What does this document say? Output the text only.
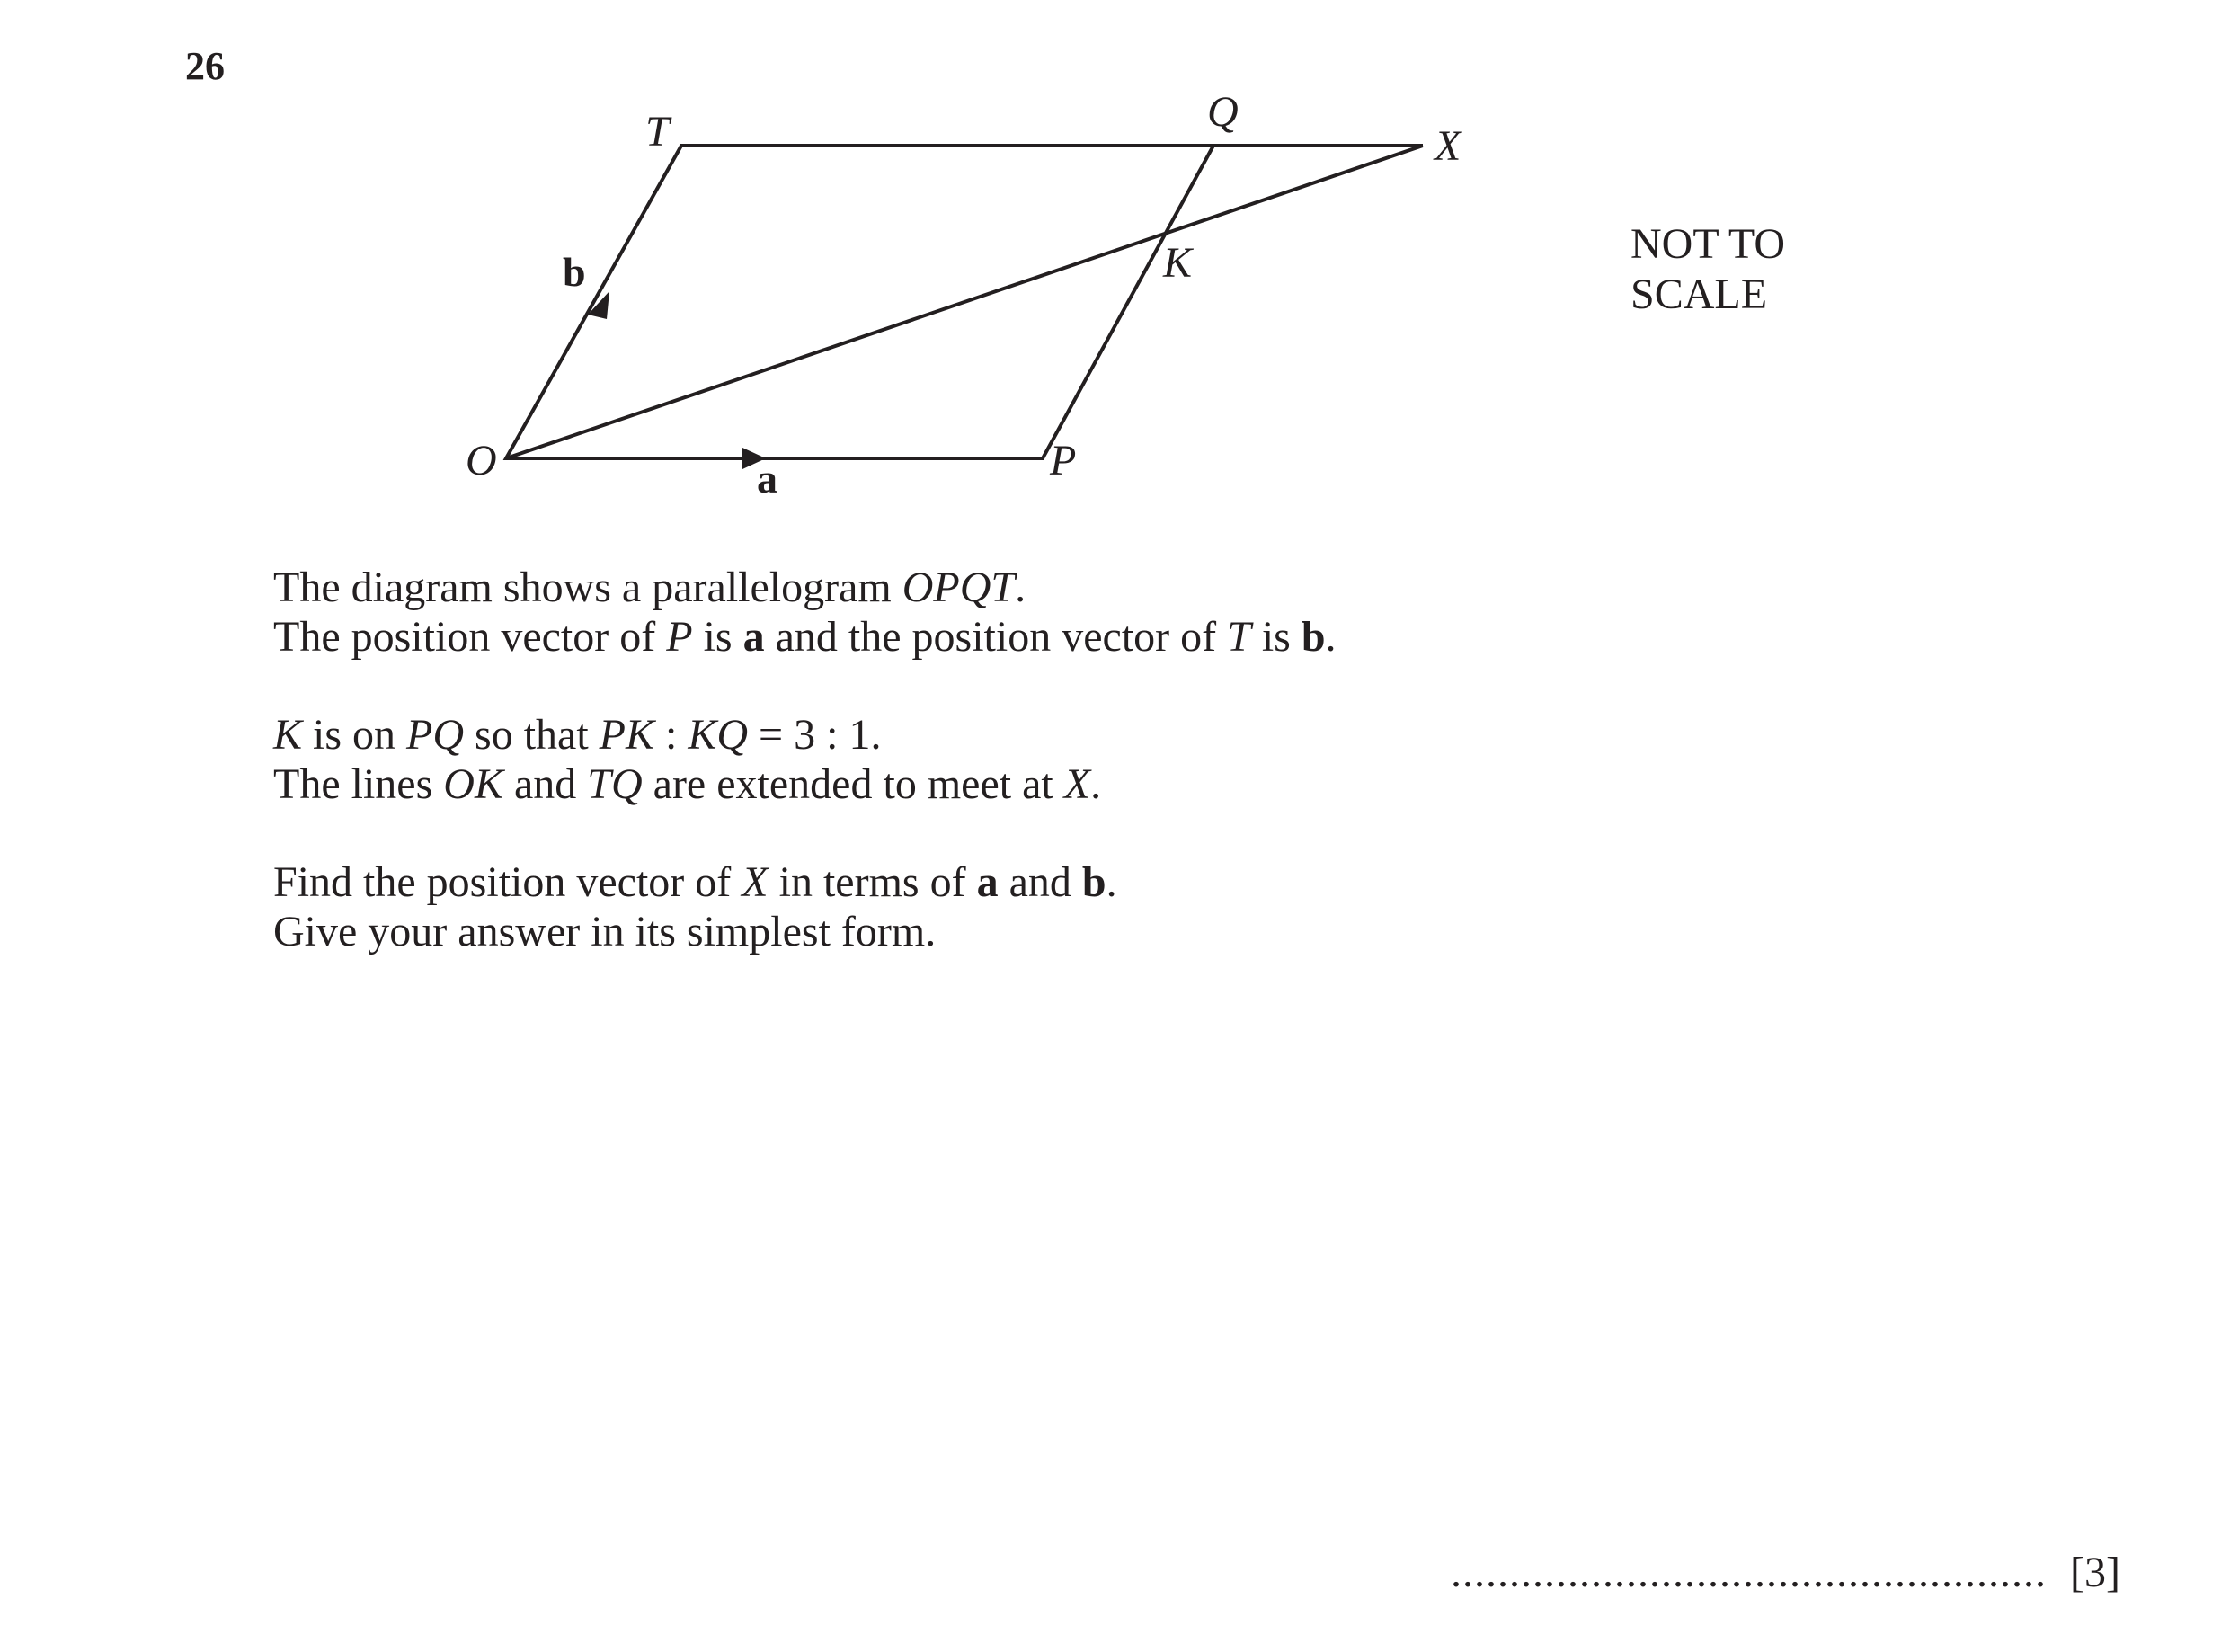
26
O	P
T	Q
K
X
a
b
NOT TO SCALE

The diagram shows a parallelogram OPQT.

The position vector of P is a and the position vector of T is b.

K is on PQ so that PK : KQ = 3 : 1.

The lines OK and TQ are extended to meet at X.

Find the position vector of X in terms of a and b.

Give your answer in its simplest form.

................................................... [3]
